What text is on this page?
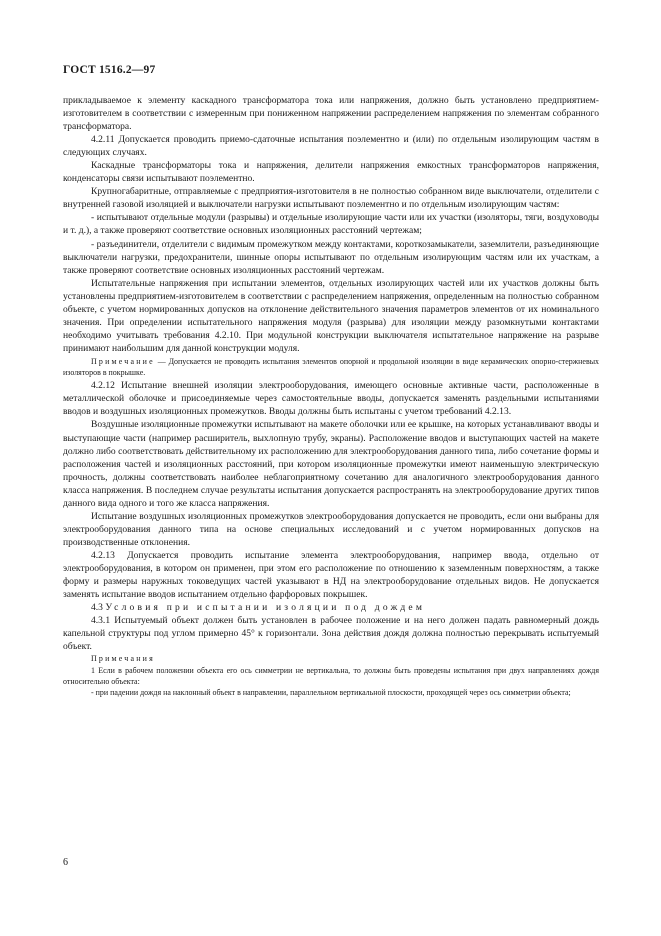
ГОСТ 1516.2—97

прикладываемое к элементу каскадного трансформатора тока или напряжения, должно быть установлено предприятием-изготовителем в соответствии с измеренным при пониженном напряжении распределением напряжения по элементам собранного трансформатора.

4.2.11 Допускается проводить приемо-сдаточные испытания поэлементно и (или) по отдельным изолирующим частям в следующих случаях.

Каскадные трансформаторы тока и напряжения, делители напряжения емкостных трансформаторов напряжения, конденсаторы связи испытывают поэлементно.

Крупногабаритные, отправляемые с предприятия-изготовителя в не полностью собранном виде выключатели, отделители с внутренней газовой изоляцией и выключатели нагрузки испытывают поэлементно и по отдельным изолирующим частям:

- испытывают отдельные модули (разрывы) и отдельные изолирующие части или их участки (изоляторы, тяги, воздуховоды и т. д.), а также проверяют соответствие основных изоляционных расстояний чертежам;

- разъединители, отделители с видимым промежутком между контактами, короткозамыкатели, заземлители, разъединяющие выключатели нагрузки, предохранители, шинные опоры испытывают по отдельным изолирующим частям или их участкам, а также проверяют соответствие основных изоляционных расстояний чертежам.

Испытательные напряжения при испытании элементов, отдельных изолирующих частей или их участков должны быть установлены предприятием-изготовителем в соответствии с распределением напряжения, определенным на полностью собранном объекте, с учетом нормированных допусков на отклонение действительного значения параметров элементов от их номинального значения. При определении испытательного напряжения модуля (разрыва) для изоляции между разомкнутыми контактами необходимо учитывать требования 4.2.10. При модульной конструкции выключателя испытательное напряжение на разрыве принимают наибольшим для данной конструкции модуля.

Примечание — Допускается не проводить испытания элементов опорной и продольной изоляции в виде керамических опорно-стержневых изоляторов в покрышке.

4.2.12 Испытание внешней изоляции электрооборудования, имеющего основные активные части, расположенные в металлической оболочке и присоединяемые через самостоятельные вводы, допускается заменять раздельными испытаниями вводов и воздушных изоляционных промежутков. Вводы должны быть испытаны с учетом требований 4.2.13.

Воздушные изоляционные промежутки испытывают на макете оболочки или ее крышке, на которых устанавливают вводы и выступающие части (например расширитель, выхлопную трубу, экраны). Расположение вводов и выступающих частей на макете должно либо соответствовать действительному их расположению для электрооборудования данного типа, либо сочетание формы и расположения частей и изоляционных расстояний, при котором изоляционные промежутки имеют наименьшую электрическую прочность, должны соответствовать наиболее неблагоприятному сочетанию для аналогичного электрооборудования данного класса напряжения. В последнем случае результаты испытания допускается распространять на электрооборудование других типов данного вида одного и того же класса напряжения.

Испытание воздушных изоляционных промежутков электрооборудования допускается не проводить, если они выбраны для электрооборудования данного типа на основе специальных исследований и с учетом нормированных допусков на производственные отклонения.

4.2.13 Допускается проводить испытание элемента электрооборудования, например ввода, отдельно от электрооборудования, в котором он применен, при этом его расположение по отношению к заземленным поверхностям, а также форму и размеры наружных токоведущих частей указывают в НД на электрооборудование отдельных видов. Не допускается заменять испытание вводов испытанием отдельно фарфоровых покрышек.

4.3 Условия при испытании изоляции под дождем

4.3.1 Испытуемый объект должен быть установлен в рабочее положение и на него должен падать равномерный дождь капельной структуры под углом примерно 45° к горизонтали. Зона действия дождя должна полностью перекрывать испытуемый объект.

Примечания

1 Если в рабочем положении объекта его ось симметрии не вертикальна, то должны быть проведены испытания при двух направлениях дождя относительно объекта:

- при падении дождя на наклонный объект в направлении, параллельном вертикальной плоскости, проходящей через ось симметрии объекта;

6
